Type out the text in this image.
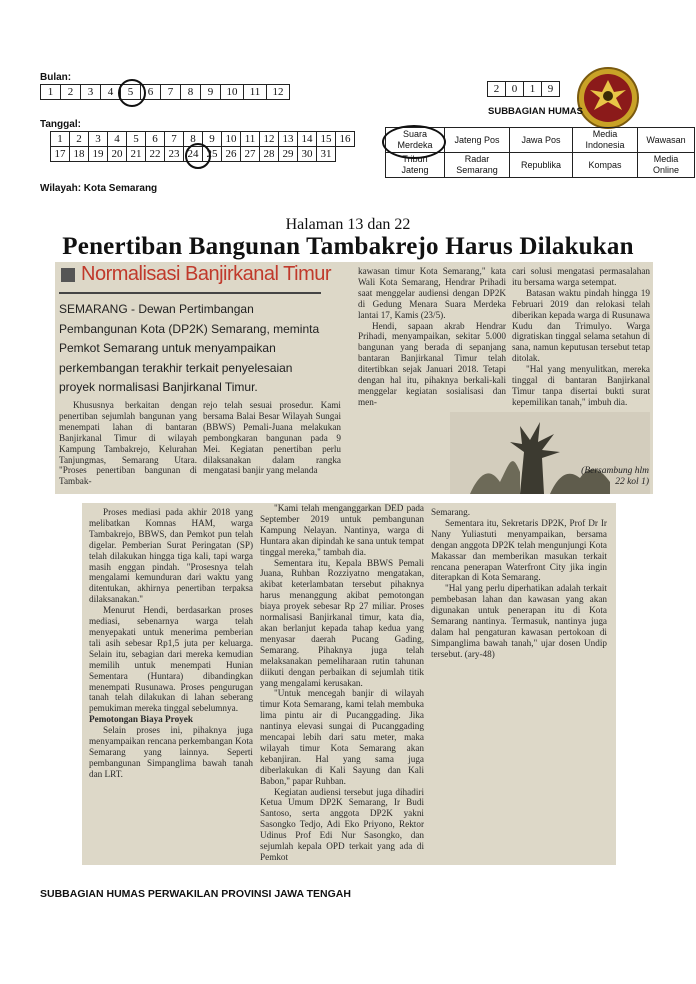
Bulan:
1	2	3	4	5	6	7	8	9	10	11	12
Tanggal:
1	2	3	4	5	6	7	8	9	10	11	12	13	14	15	16
17	18	19	20	21	22	23	24	25	26	27	28	29	30	31	
Wilayah: Kota Semarang
2	0	1	9
SUBBAGIAN HUMAS
Suara Merdeka	Jateng Pos	Jawa Pos	Media Indonesia	Wawasan
Tribun Jateng	Radar Semarang	Republika	Kompas	Media Online
Halaman 13 dan 22
Penertiban Bangunan Tambakrejo Harus Dilakukan
Normalisasi Banjirkanal Timur
SEMARANG - Dewan Pertimbangan Pembangunan Kota (DP2K) Semarang, meminta Pemkot Semarang untuk menyampaikan perkembangan terakhir terkait penyelesaian proyek normalisasi Banjirkanal Timur.

Khususnya berkaitan dengan penertiban sejumlah bangunan yang menempati lahan di bantaran Banjirkanal Timur di wilayah Kampung Tambakrejo, Kelurahan Tanjungmas, Semarang Utara. "Proses penertiban bangunan di Tambak-

rejo telah sesuai prosedur. Kami bersama Balai Besar Wilayah Sungai (BBWS) Pemali-Juana melakukan pembongkaran bangunan pada 9 Mei. Kegiatan penertiban perlu dilaksanakan dalam rangka mengatasi banjir yang melanda

kawasan timur Kota Semarang," kata Wali Kota Semarang, Hendrar Prihadi saat menggelar audiensi dengan DP2K di Gedung Menara Suara Merdeka lantai 17, Kamis (23/5).

Hendi, sapaan akrab Hendrar Prihadi, menyampaikan, sekitar 5.000 bangunan yang berada di sepanjang bantaran Banjirkanal Timur telah ditertibkan sejak Januari 2018. Tetapi dengan hal itu, pihaknya berkali-kali menggelar kegiatan sosialisasi dan men-

cari solusi mengatasi permasalahan itu bersama warga setempat.

Batasan waktu pindah hingga 19 Februari 2019 dan relokasi telah diberikan kepada warga di Rusunawa Kudu dan Trimulyo. Warga digratiskan tinggal selama setahun di sana, namun keputusan tersebut tetap ditolak.

"Hal yang menyulitkan, mereka tinggal di bantaran Banjirkanal Timur tanpa disertai bukti surat kepemilikan tanah," imbuh dia.

(Bersambung hlm 22 kol 1)

Proses mediasi pada akhir 2018 yang melibatkan Komnas HAM, warga Tambakrejo, BBWS, dan Pemkot pun telah digelar. Pemberian Surat Peringatan (SP) telah dilakukan hingga tiga kali, tapi warga masih enggan pindah. "Prosesnya telah mengalami kemunduran dari waktu yang ditentukan, akhirnya penertiban terpaksa dilaksanakan."

Menurut Hendi, berdasarkan proses mediasi, sebenarnya warga telah menyepakati untuk menerima pemberian tali asih sebesar Rp1,5 juta per keluarga. Selain itu, sebagian dari mereka kemudian memilih untuk menempati Hunian Sementara (Huntara) dibandingkan menempati Rusunawa. Proses pengurugan tanah telah dilakukan di lahan seberang pemukiman mereka tinggal sebelumnya.

Pemotongan Biaya Proyek

Selain proses ini, pihaknya juga menyampaikan rencana perkembangan Kota Semarang yang lainnya. Seperti pembangunan Simpanglima bawah tanah dan LRT.

"Kami telah menganggarkan DED pada September 2019 untuk pembangunan Kampung Nelayan. Nantinya, warga di Huntara akan dipindah ke sana untuk tempat tinggal mereka," tambah dia.

Sementara itu, Kepala BBWS Pemali Juana, Ruhban Rozziyatno mengatakan, akibat keterlambatan tersebut pihaknya harus menanggung akibat pemotongan biaya proyek sebesar Rp 27 miliar. Proses normalisasi Banjirkanal timur, kata dia, akan berlanjut kepada tahap kedua yang menyasar daerah Pucang Gading, Semarang. Pihaknya juga telah melaksanakan pemeliharaan rutin tahunan diikuti dengan perbaikan di sejumlah titik yang mengalami kerusakan.

"Untuk mencegah banjir di wilayah timur Kota Semarang, kami telah membuka lima pintu air di Pucanggading. Jika nantinya elevasi sungai di Pucanggading mencapai lebih dari satu meter, maka wilayah timur Kota Semarang akan kebanjiran. Hal yang sama juga diberlakukan di Kali Sayung dan Kali Babon," papar Ruhban.

Kegiatan audiensi tersebut juga dihadiri Ketua Umum DP2K Semarang, Ir Budi Santoso, serta anggota DP2K yakni Sasongko Tedjo, Adi Eko Priyono, Rektor Udinus Prof Edi Nur Sasongko, dan sejumlah kepala OPD terkait yang ada di Pemkot

Semarang.

Sementara itu, Sekretaris DP2K, Prof Dr Ir Nany Yuliastuti menyampaikan, bersama dengan anggota DP2K telah mengunjungi Kota Makassar dan memberikan masukan terkait rencana penerapan Waterfront City jika ingin diterapkan di Kota Semarang.

"Hal yang perlu diperhatikan adalah terkait pembebasan lahan dan kawasan yang akan digunakan untuk penerapan itu di Kota Semarang nantinya. Termasuk, nantinya juga dalam hal pengaturan kawasan pertokoan di Simpanglima bawah tanah," ujar dosen Undip tersebut. (ary-48)

SUBBAGIAN HUMAS PERWAKILAN PROVINSI JAWA TENGAH
